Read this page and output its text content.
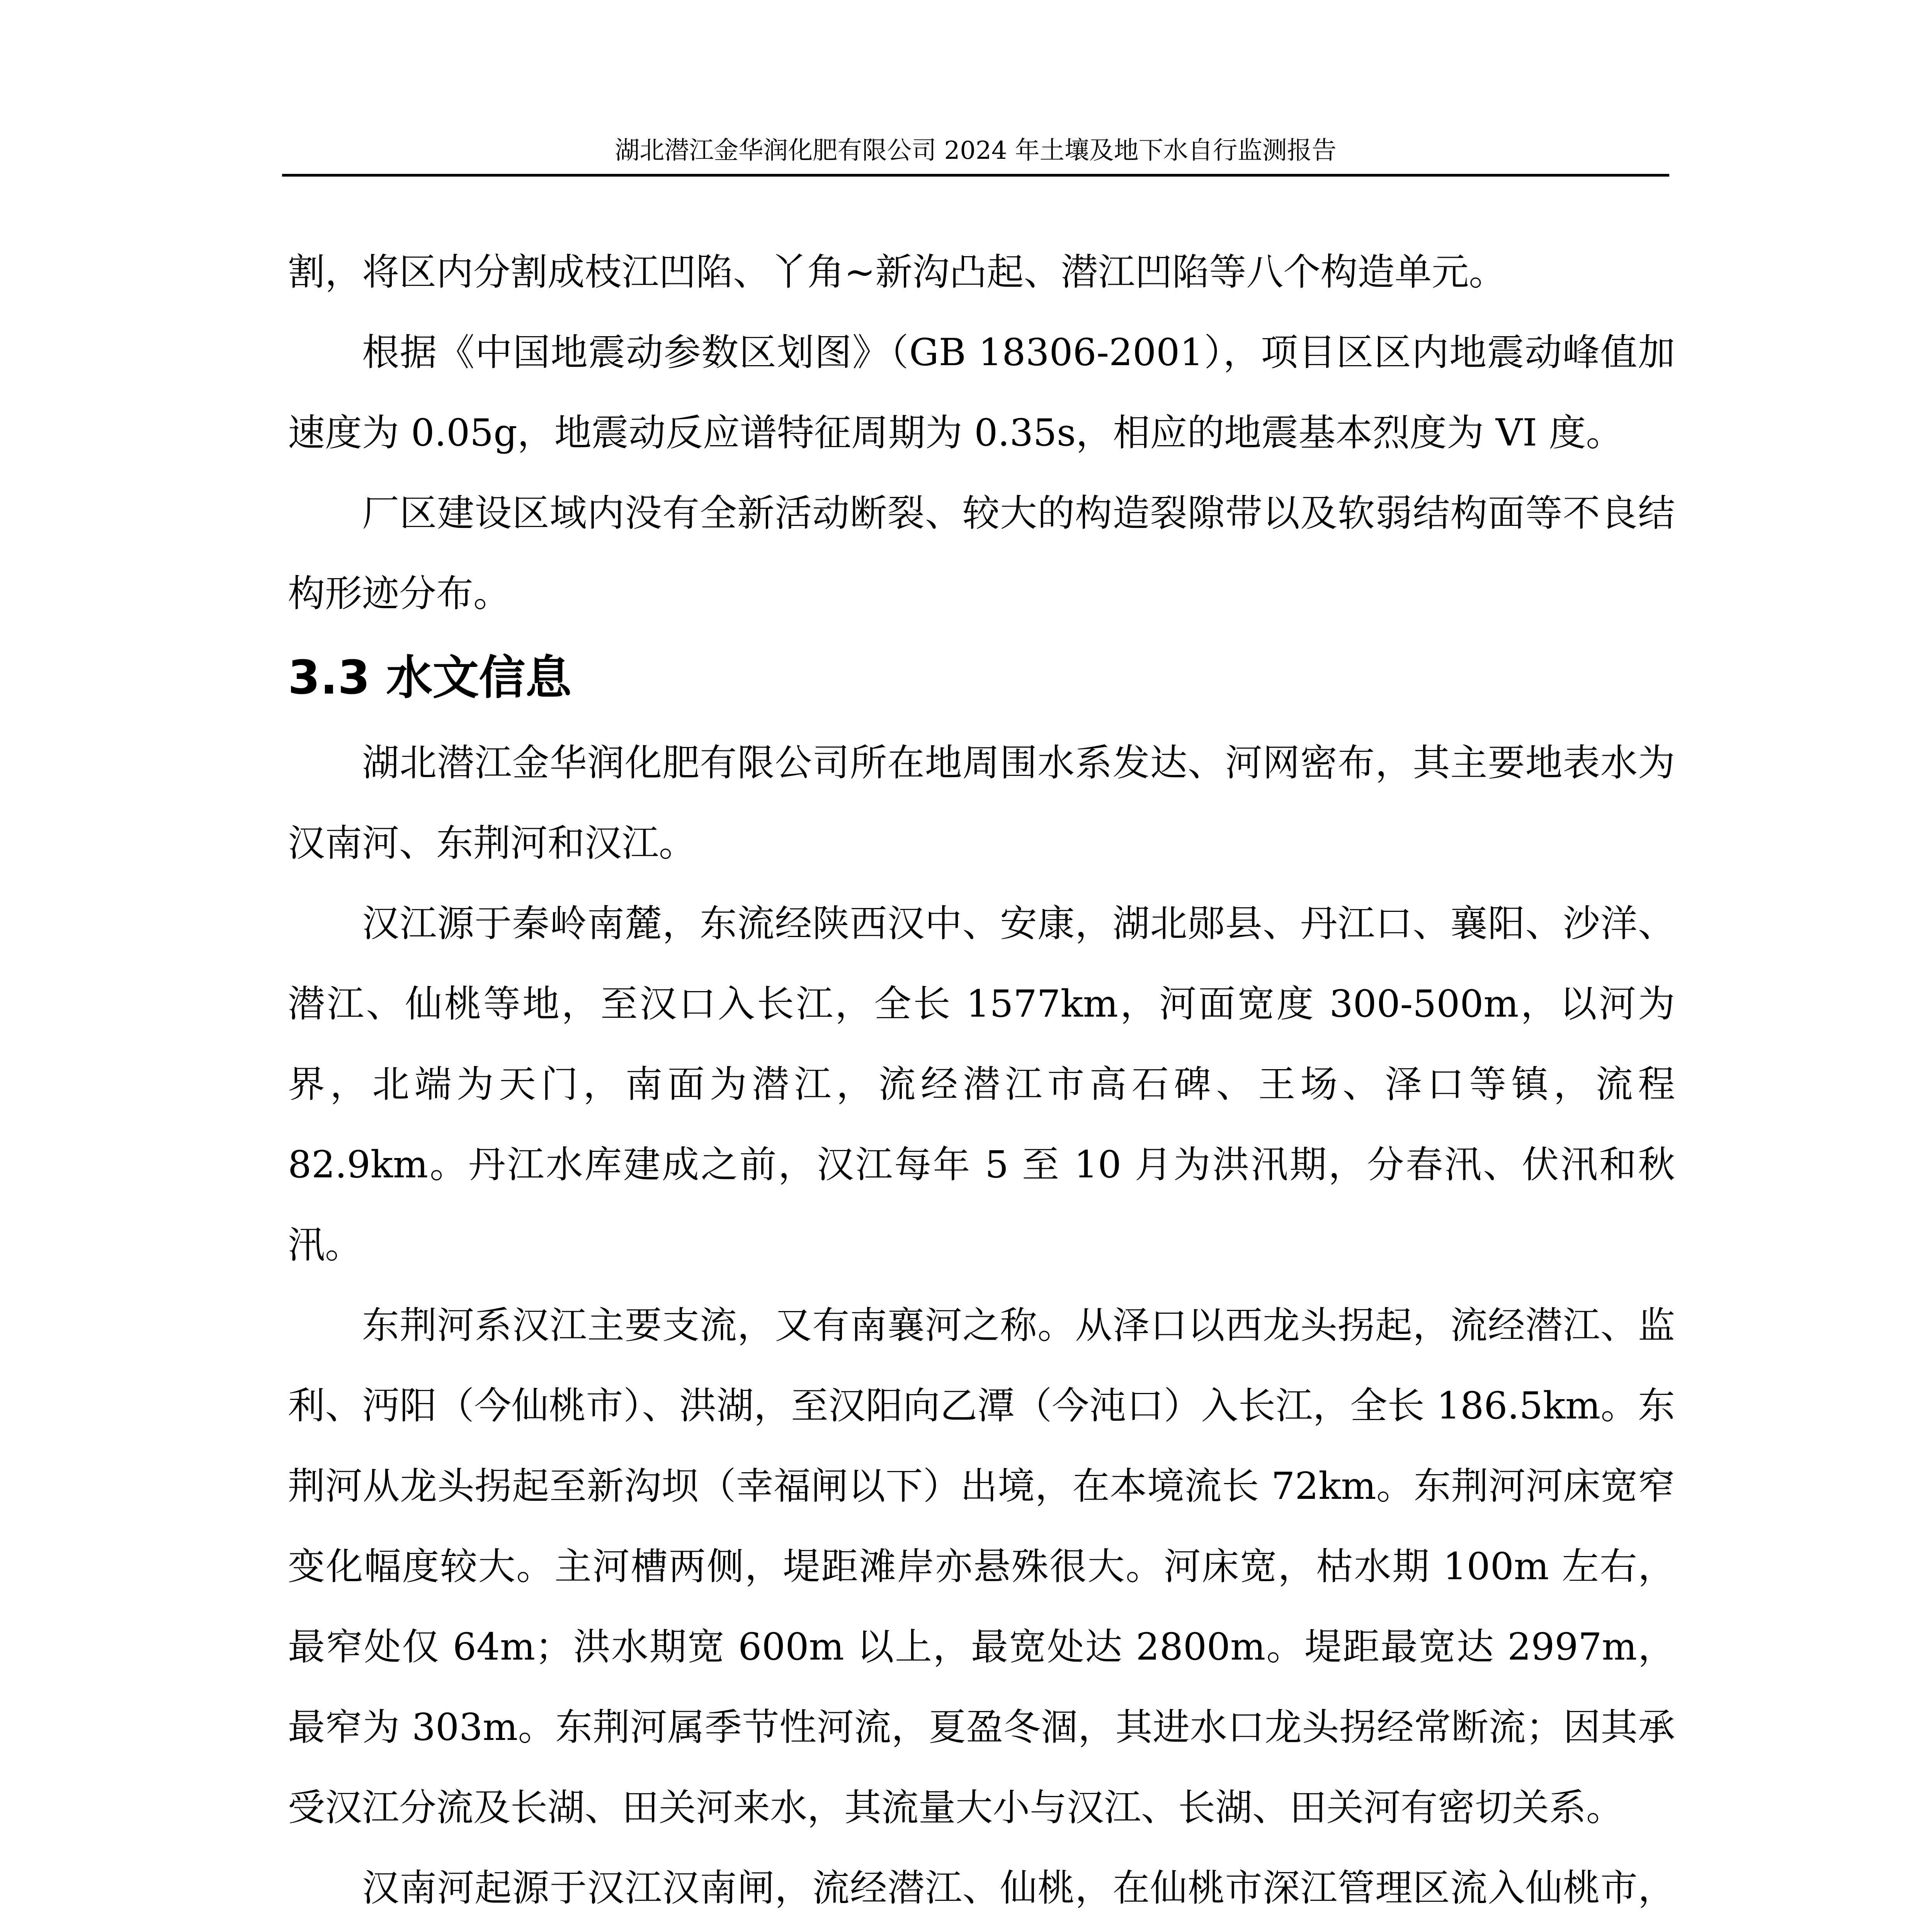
湖北潜江金华润化肥有限公司 2024 年土壤及地下水自行监测报告

割，将区内分割成枝江凹陷、丫角~新沟凸起、潜江凹陷等八个构造单元。

根据《中国地震动参数区划图》（GB 18306-2001），项目区区内地震动峰值加速度为 0.05g，地震动反应谱特征周期为 0.35s，相应的地震基本烈度为 VI 度。

厂区建设区域内没有全新活动断裂、较大的构造裂隙带以及软弱结构面等不良结构形迹分布。

3.3 水文信息

湖北潜江金华润化肥有限公司所在地周围水系发达、河网密布，其主要地表水为汉南河、东荆河和汉江。

汉江源于秦岭南麓，东流经陕西汉中、安康，湖北郧县、丹江口、襄阳、沙洋、潜江、仙桃等地，至汉口入长江，全长 1577km，河面宽度 300-500m，以河为界，北端为天门，南面为潜江，流经潜江市高石碑、王场、泽口等镇，流程 82.9km。丹江水库建成之前，汉江每年 5 至 10 月为洪汛期，分春汛、伏汛和秋汛。

东荆河系汉江主要支流，又有南襄河之称。从泽口以西龙头拐起，流经潜江、监利、沔阳（今仙桃市）、洪湖，至汉阳向乙潭（今沌口）入长江，全长 186.5km。东荆河从龙头拐起至新沟坝（幸福闸以下）出境，在本境流长 72km。东荆河河床宽窄变化幅度较大。主河槽两侧，堤距滩岸亦悬殊很大。河床宽，枯水期 100m 左右，最窄处仅 64m；洪水期宽 600m 以上，最宽处达 2800m。堤距最宽达 2997m，最窄为 303m。东荆河属季节性河流，夏盈冬涸，其进水口龙头拐经常断流；因其承受汉江分流及长湖、田关河来水，其流量大小与汉江、长湖、田关河有密切关系。

汉南河起源于汉江汉南闸，流经潜江、仙桃，在仙桃市深江管理区流入仙桃市，
